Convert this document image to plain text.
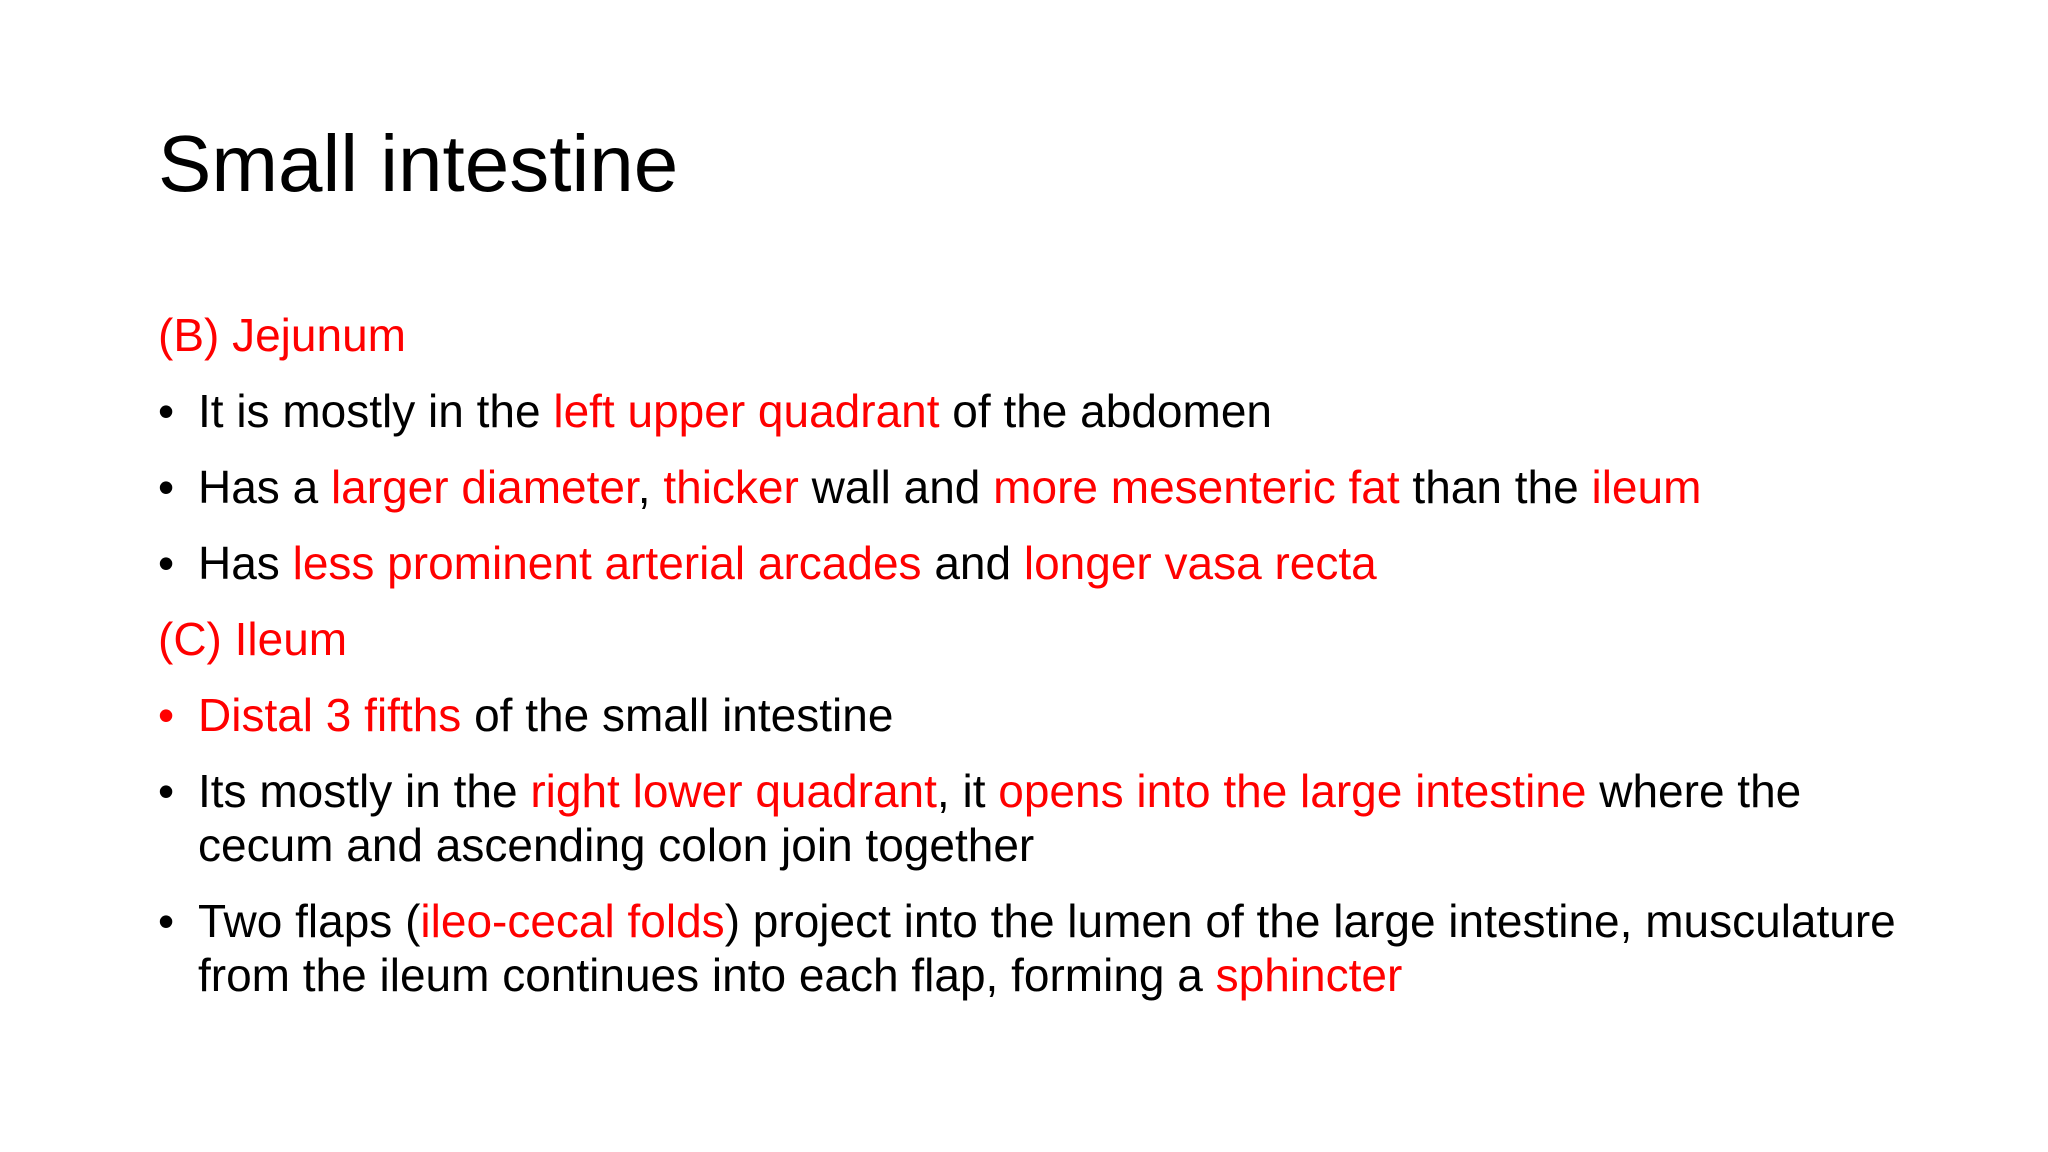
Small intestine
(B) Jejunum
• It is mostly in the left upper quadrant of the abdomen
• Has a larger diameter, thicker wall and more mesenteric fat than the ileum
• Has less prominent arterial arcades and longer vasa recta
(C) Ileum
• Distal 3 fifths of the small intestine
• Its mostly in the right lower quadrant, it opens into the large intestine where the cecum and ascending colon join together
• Two flaps (ileo-cecal folds) project into the lumen of the large intestine, musculature from the ileum continues into each flap, forming a sphincter
